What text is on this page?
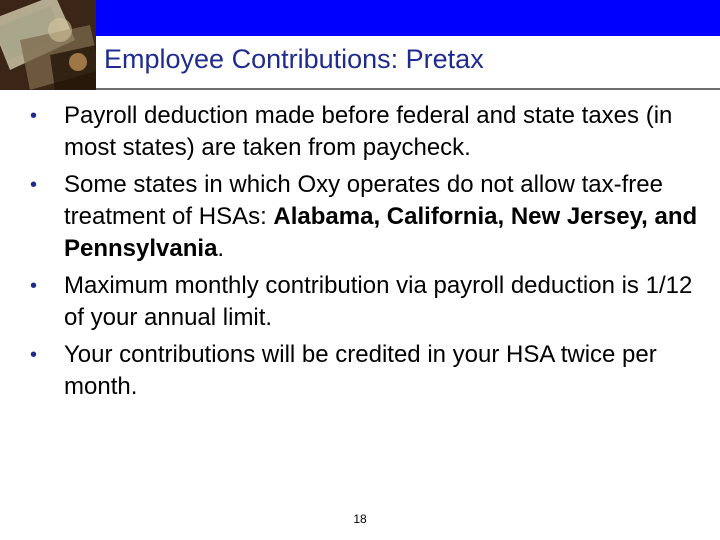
Employee Contributions: Pretax
• Payroll deduction made before federal and state taxes (in most states) are taken from paycheck.
• Some states in which Oxy operates do not allow tax-free treatment of HSAs: Alabama, California, New Jersey, and Pennsylvania.
• Maximum monthly contribution via payroll deduction is 1/12 of your annual limit.
• Your contributions will be credited in your HSA twice per month.
18
